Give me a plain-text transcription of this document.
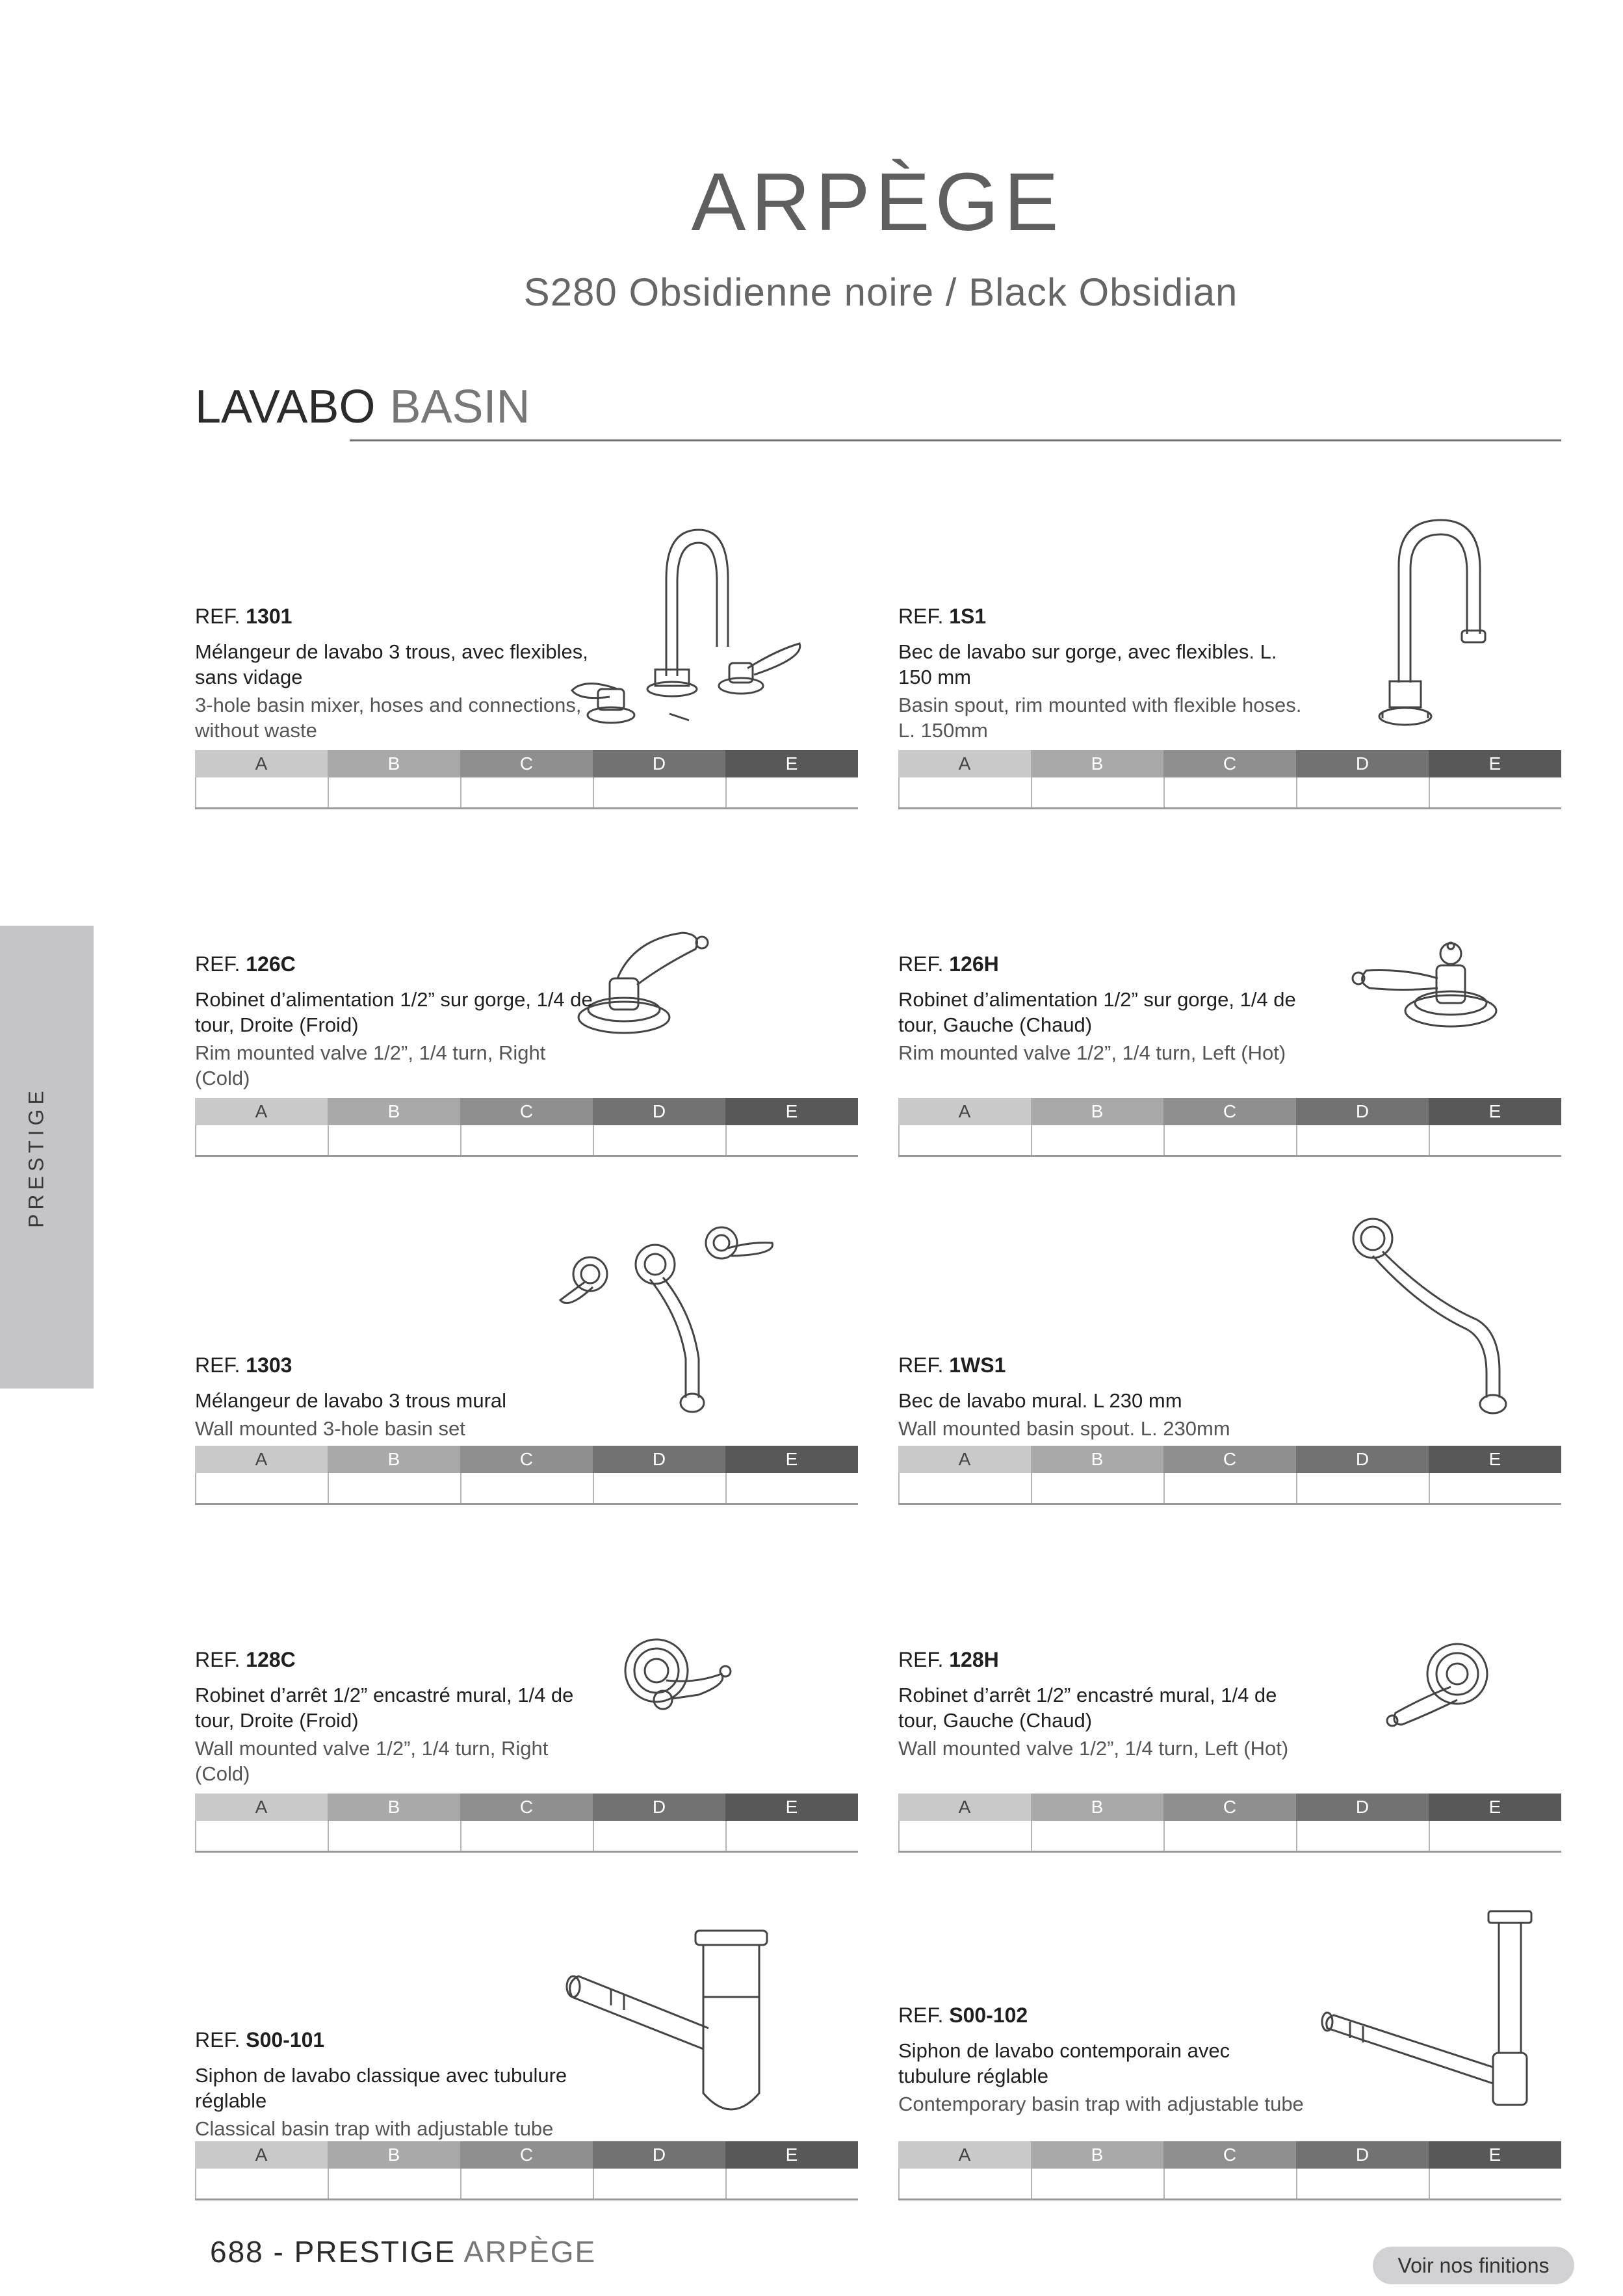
ARPÈGE
S280 Obsidienne noire / Black Obsidian
LAVABO BASIN
PRESTIGE
REF. 1301
Mélangeur de lavabo 3 trous, avec flexibles, sans vidage
3-hole basin mixer, hoses and connections, without waste
A	B	C	D	E
REF. 1S1
Bec de lavabo sur gorge, avec flexibles. L. 150 mm
Basin spout, rim mounted with flexible hoses. L. 150mm
A	B	C	D	E
REF. 126C
Robinet d’alimentation 1/2” sur gorge, 1/4 de tour, Droite (Froid)
Rim mounted valve 1/2”, 1/4 turn, Right (Cold)
A	B	C	D	E
REF. 126H
Robinet d’alimentation 1/2” sur gorge, 1/4 de tour, Gauche (Chaud)
Rim mounted valve 1/2”, 1/4 turn, Left (Hot)
A	B	C	D	E
REF. 1303
Mélangeur de lavabo 3 trous mural
Wall mounted 3-hole basin set
A	B	C	D	E
REF. 1WS1
Bec de lavabo mural. L 230 mm
Wall mounted basin spout. L. 230mm
A	B	C	D	E
REF. 128C
Robinet d’arrêt 1/2” encastré mural, 1/4 de tour, Droite (Froid)
Wall mounted valve 1/2”, 1/4 turn, Right (Cold)
A	B	C	D	E
REF. 128H
Robinet d’arrêt 1/2” encastré mural, 1/4 de tour, Gauche (Chaud)
Wall mounted valve 1/2”, 1/4 turn, Left (Hot)
A	B	C	D	E
REF. S00-101
Siphon de lavabo classique avec tubulure réglable
Classical basin trap with adjustable tube
A	B	C	D	E
REF. S00-102
Siphon de lavabo contemporain avec tubulure réglable
Contemporary basin trap with adjustable tube
A	B	C	D	E
688 - PRESTIGE ARPÈGE	Voir nos finitions
